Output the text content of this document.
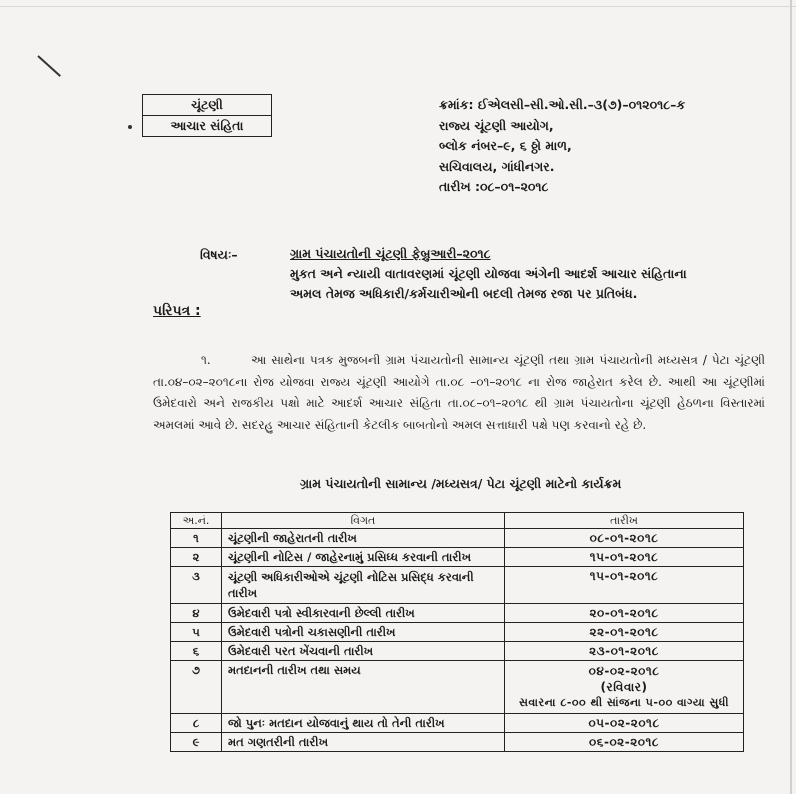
ચૂંટણી
આચાર સંહિતા
ક્રમાંક: ઈએલસી–સી.ઓ.સી.–૩(૭)–૦૧૨૦૧૮–ક
રાજ્ય ચૂંટણી આયોગ,
બ્લોક નંબર–૯, ૬ ઠ્ઠો માળ,
સચિવાલય, ગાંધીનગર.
તારીખ :૦૮–૦૧–૨૦૧૮
વિષયઃ–	ગ્રામ પંચાયતોની ચૂંટણી ફેબ્રુઆરી–૨૦૧૮
મુકત અને ન્યાયી વાતાવરણમાં ચૂંટણી યોજવા અંગેની આદર્શ આચાર સંહિતાના
અમલ તેમજ અધિકારી/કર્મચારીઓની બદલી તેમજ રજા પર પ્રતિબંધ.
પરિપત્ર :
૧.	આ સાથેના પત્રક મુજબની ગ્રામ પંચાયતોની સામાન્ય ચૂંટણી તથા ગ્રામ પંચાયતોની મધ્યસત્ર / પેટા ચૂંટણી તા.૦૪–૦૨–૨૦૧૮ના રોજ યોજવા રાજ્ય ચૂંટણી આયોગે તા.૦૮ –૦૧–૨૦૧૮ ના રોજ જાહેરાત કરેલ છે. આથી આ ચૂંટણીમાં ઉમેદવારો અને રાજકીય પક્ષો માટે આદર્શ આચાર સંહિતા તા.૦૮–૦૧–૨૦૧૮ થી ગ્રામ પંચાયતોના ચૂંટણી હેઠળના વિસ્તારમાં અમલમાં આવે છે. સદરહુ આચાર સંહિતાની કેટલીક બાબતોનો અમલ સત્તાધારી પક્ષે પણ કરવાનો રહે છે.
ગ્રામ પંચાયતોની સામાન્ય /મધ્યસત્ર/ પેટા ચૂંટણી માટેનો કાર્યક્રમ
અ.નં.	વિગત	તારીખ
૧	ચૂંટણીની જાહેરાતની તારીખ	૦૮-૦૧-૨૦૧૮
૨	ચૂંટણીની નોટિસ / જાહેરનામું પ્રસિધ્ધ કરવાની તારીખ	૧૫-૦૧-૨૦૧૮
૩	ચૂંટણી અધિકારીઓએ ચૂંટણી નોટિસ પ્રસિદ્ધ કરવાની તારીખ	૧૫-૦૧-૨૦૧૮
૪	ઉમેદવારી પત્રો સ્વીકારવાની છેલ્લી તારીખ	૨૦-૦૧-૨૦૧૮
૫	ઉમેદવારી પત્રોની ચકાસણીની તારીખ	૨૨-૦૧-૨૦૧૮
૬	ઉમેદવારી પરત ખેંચવાની તારીખ	૨૩-૦૧-૨૦૧૮
૭	મતદાનની તારીખ તથા સમય	૦૪-૦૨-૨૦૧૮
(રવિવાર)
સવારના ૮-૦૦ થી સાંજના ૫-૦૦ વાગ્યા સુધી

૮	જો પુનઃ મતદાન યોજવાનું થાય તો તેની તારીખ	૦૫-૦૨-૨૦૧૮
૯	મત ગણતરીની તારીખ	૦૬-૦૨-૨૦૧૮
